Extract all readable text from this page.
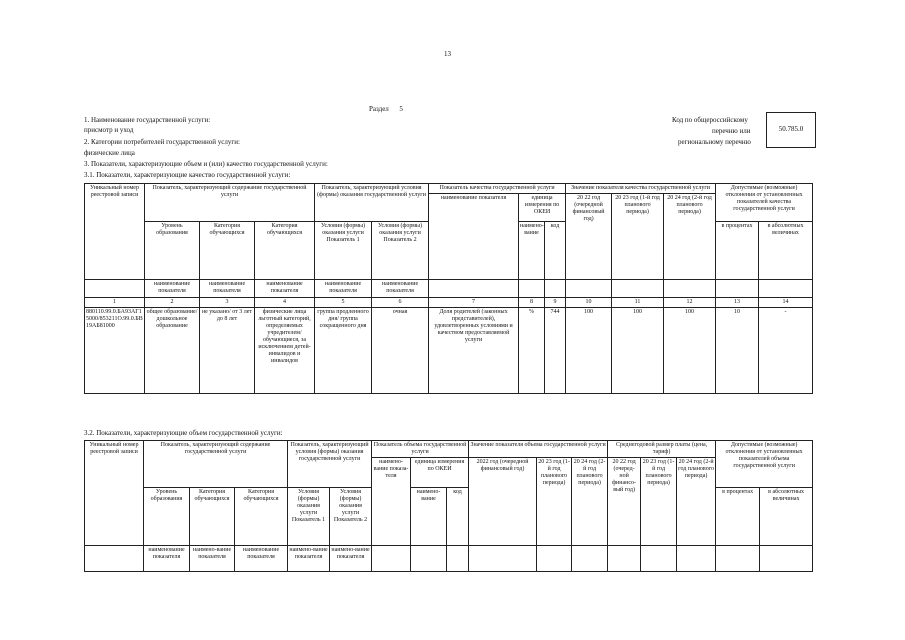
13
Раздел 5
1. Наименование государственной услуги:
присмотр и уход
2. Категории потребителей государственной услуги:
физические лица
3. Показатели, характеризующие объем и (или) качество государственной услуги:
3.1. Показатели, характеризующие качество государственной услуги:
Код по общероссийскому
перечню или
региональному перечню
50.785.0
Уникальный номер реестровой записи	Показатель, характеризующий содержание государственной услуги			Показатель, характеризующий условия (формы) оказания государственной услуги		Показатель качества государственной услуги			Значение показателя качества государственной услуги			Допустимые (возможные) отклонения от установленных показателей качества государственной услуги	
						наименование показателя	единица измерения по ОКЕИ		20 22 год (очередной финансовый год)	20 23 год (1-й год планового периода)	20 24 год (2-й год планового периода)		
	Уровень образования	Категория обучающихся	Категория обучающихся	Условия (формы) оказания услуги Показатель 1	Условия (формы) оказания услуги Показатель 2		наимено-вание	код				в процентах	в абсолютных величинах
	наименование показателя	наименование показателя	наименование показателя	наименование показателя	наименование показателя								
1	2	3	4	5	6	7	8	9	10	11	12	13	14
880110.99.0.БА93АГ15000/853211О.99.0.БВ19АБ81000	общее образование/ дошкольное образование	не указано/ от 3 лет до 8 лет	физические лица льготный категорий, определяемых учредителем/ обучающиеся, за исключением детей-инвалидов и инвалидов	группа продленного дня/ группа сокращенного дня	очная	Доля родителей (законных представителей), удовлетворенных условиями и качеством предоставляемой услуги	%	744	100	100	100	10	-
3.2. Показатели, характеризующие объем государственной услуги:
Уникальный номер реестровой записи	Показатель, характеризующий содержание государственной услуги			Показатель, характеризующий условия (формы) оказания государственной услуги		Показатель объема государственной услуги			Значение показателя объема государственной услуги			Среднегодовой размер платы (цена, тариф)			Допустимые (возможные) отклонения от установленных показателей объема государственной услуги	
						наимено-вание показа-теля	единица измерения по ОКЕИ		2022 год (очередной финансовый год)	20 23 год (1-й год планового периода)	20 24 год (2-й год планового периода)	20 22 год (очеред-ной финансо-вый год)	20 23 год (1-й год планового периода)	20 24 год (2-й год планового периода)		
	Уровень образования	Категория обучающихся	Категория обучающихся	Условия (формы) оказания услуги Показатель 1	Условия (формы) оказания услуги Показатель 2		наимено-вание	код							в процентах	в абсолютных величинах
	наименование показателя	наимено-вание показателя	наименование показателя	наимено-вание показателя	наимено-вание показателя											
